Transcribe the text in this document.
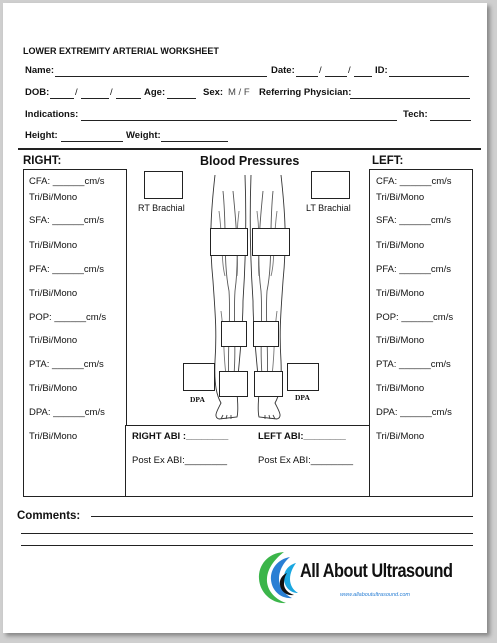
LOWER EXTREMITY ARTERIAL WORKSHEET
Name:	Date:	/	/	ID:
DOB:	/	/	Age:	Sex: M / F Referring Physician:
Indications:	Tech:
Height:	Weight:
RIGHT:	Blood Pressures	LEFT:
CFA: ______cm/s
Tri/Bi/Mono
SFA: ______cm/s
Tri/Bi/Mono
PFA: ______cm/s
Tri/Bi/Mono
POP: ______cm/s
Tri/Bi/Mono
PTA: ______cm/s
Tri/Bi/Mono
DPA: ______cm/s
Tri/Bi/Mono
CFA: ______cm/s
Tri/Bi/Mono
SFA: ______cm/s
Tri/Bi/Mono
PFA: ______cm/s
Tri/Bi/Mono
POP: ______cm/s
Tri/Bi/Mono
PTA: ______cm/s
Tri/Bi/Mono
DPA: ______cm/s
Tri/Bi/Mono
RT Brachial	LT Brachial
DPA	DPA
RIGHT ABI :________	LEFT ABI:________
Post Ex ABI:________	Post Ex ABI:________
Comments:
All About Ultrasound
www.allaboutultrasound.com
